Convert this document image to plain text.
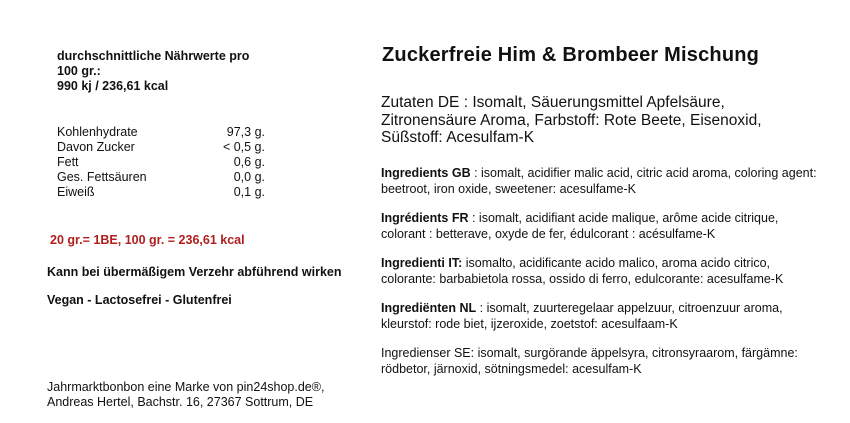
durchschnittliche Nährwerte pro
100 gr.:
990 kj / 236,61 kcal
Kohlenhydrate	97,3 g.
Davon Zucker	< 0,5 g.
Fett	0,6 g.
Ges. Fettsäuren	0,0 g.
Eiweiß	0,1 g.
20 gr.= 1BE, 100 gr. = 236,61 kcal
Kann bei übermäßigem Verzehr abführend wirken
Vegan - Lactosefrei - Glutenfrei
Jahrmarktbonbon eine Marke von pin24shop.de®,
Andreas Hertel, Bachstr. 16, 27367 Sottrum, DE
Zuckerfreie Him & Brombeer Mischung
Zutaten DE : Isomalt, Säuerungsmittel Apfelsäure, Zitronensäure Aroma, Farbstoff: Rote Beete, Eisenoxid, Süßstoff: Acesulfam-K
Ingredients GB : isomalt, acidifier malic acid, citric acid aroma, coloring agent: beetroot, iron oxide, sweetener: acesulfame-K
Ingrédients FR : isomalt, acidifiant acide malique, arôme acide citrique, colorant : betterave, oxyde de fer, édulcorant : acésulfame-K
Ingredienti IT: isomalto, acidificante acido malico, aroma acido citrico, colorante: barbabietola rossa, ossido di ferro, edulcorante: acesulfame-K
Ingrediënten NL : isomalt, zuurteregelaar appelzuur, citroenzuur aroma, kleurstof: rode biet, ijzeroxide, zoetstof: acesulfaam-K
Ingredienser SE: isomalt, surgörande äppelsyra, citronsyraarom, färgämne: rödbetor, järnoxid, sötningsmedel: acesulfam-K
